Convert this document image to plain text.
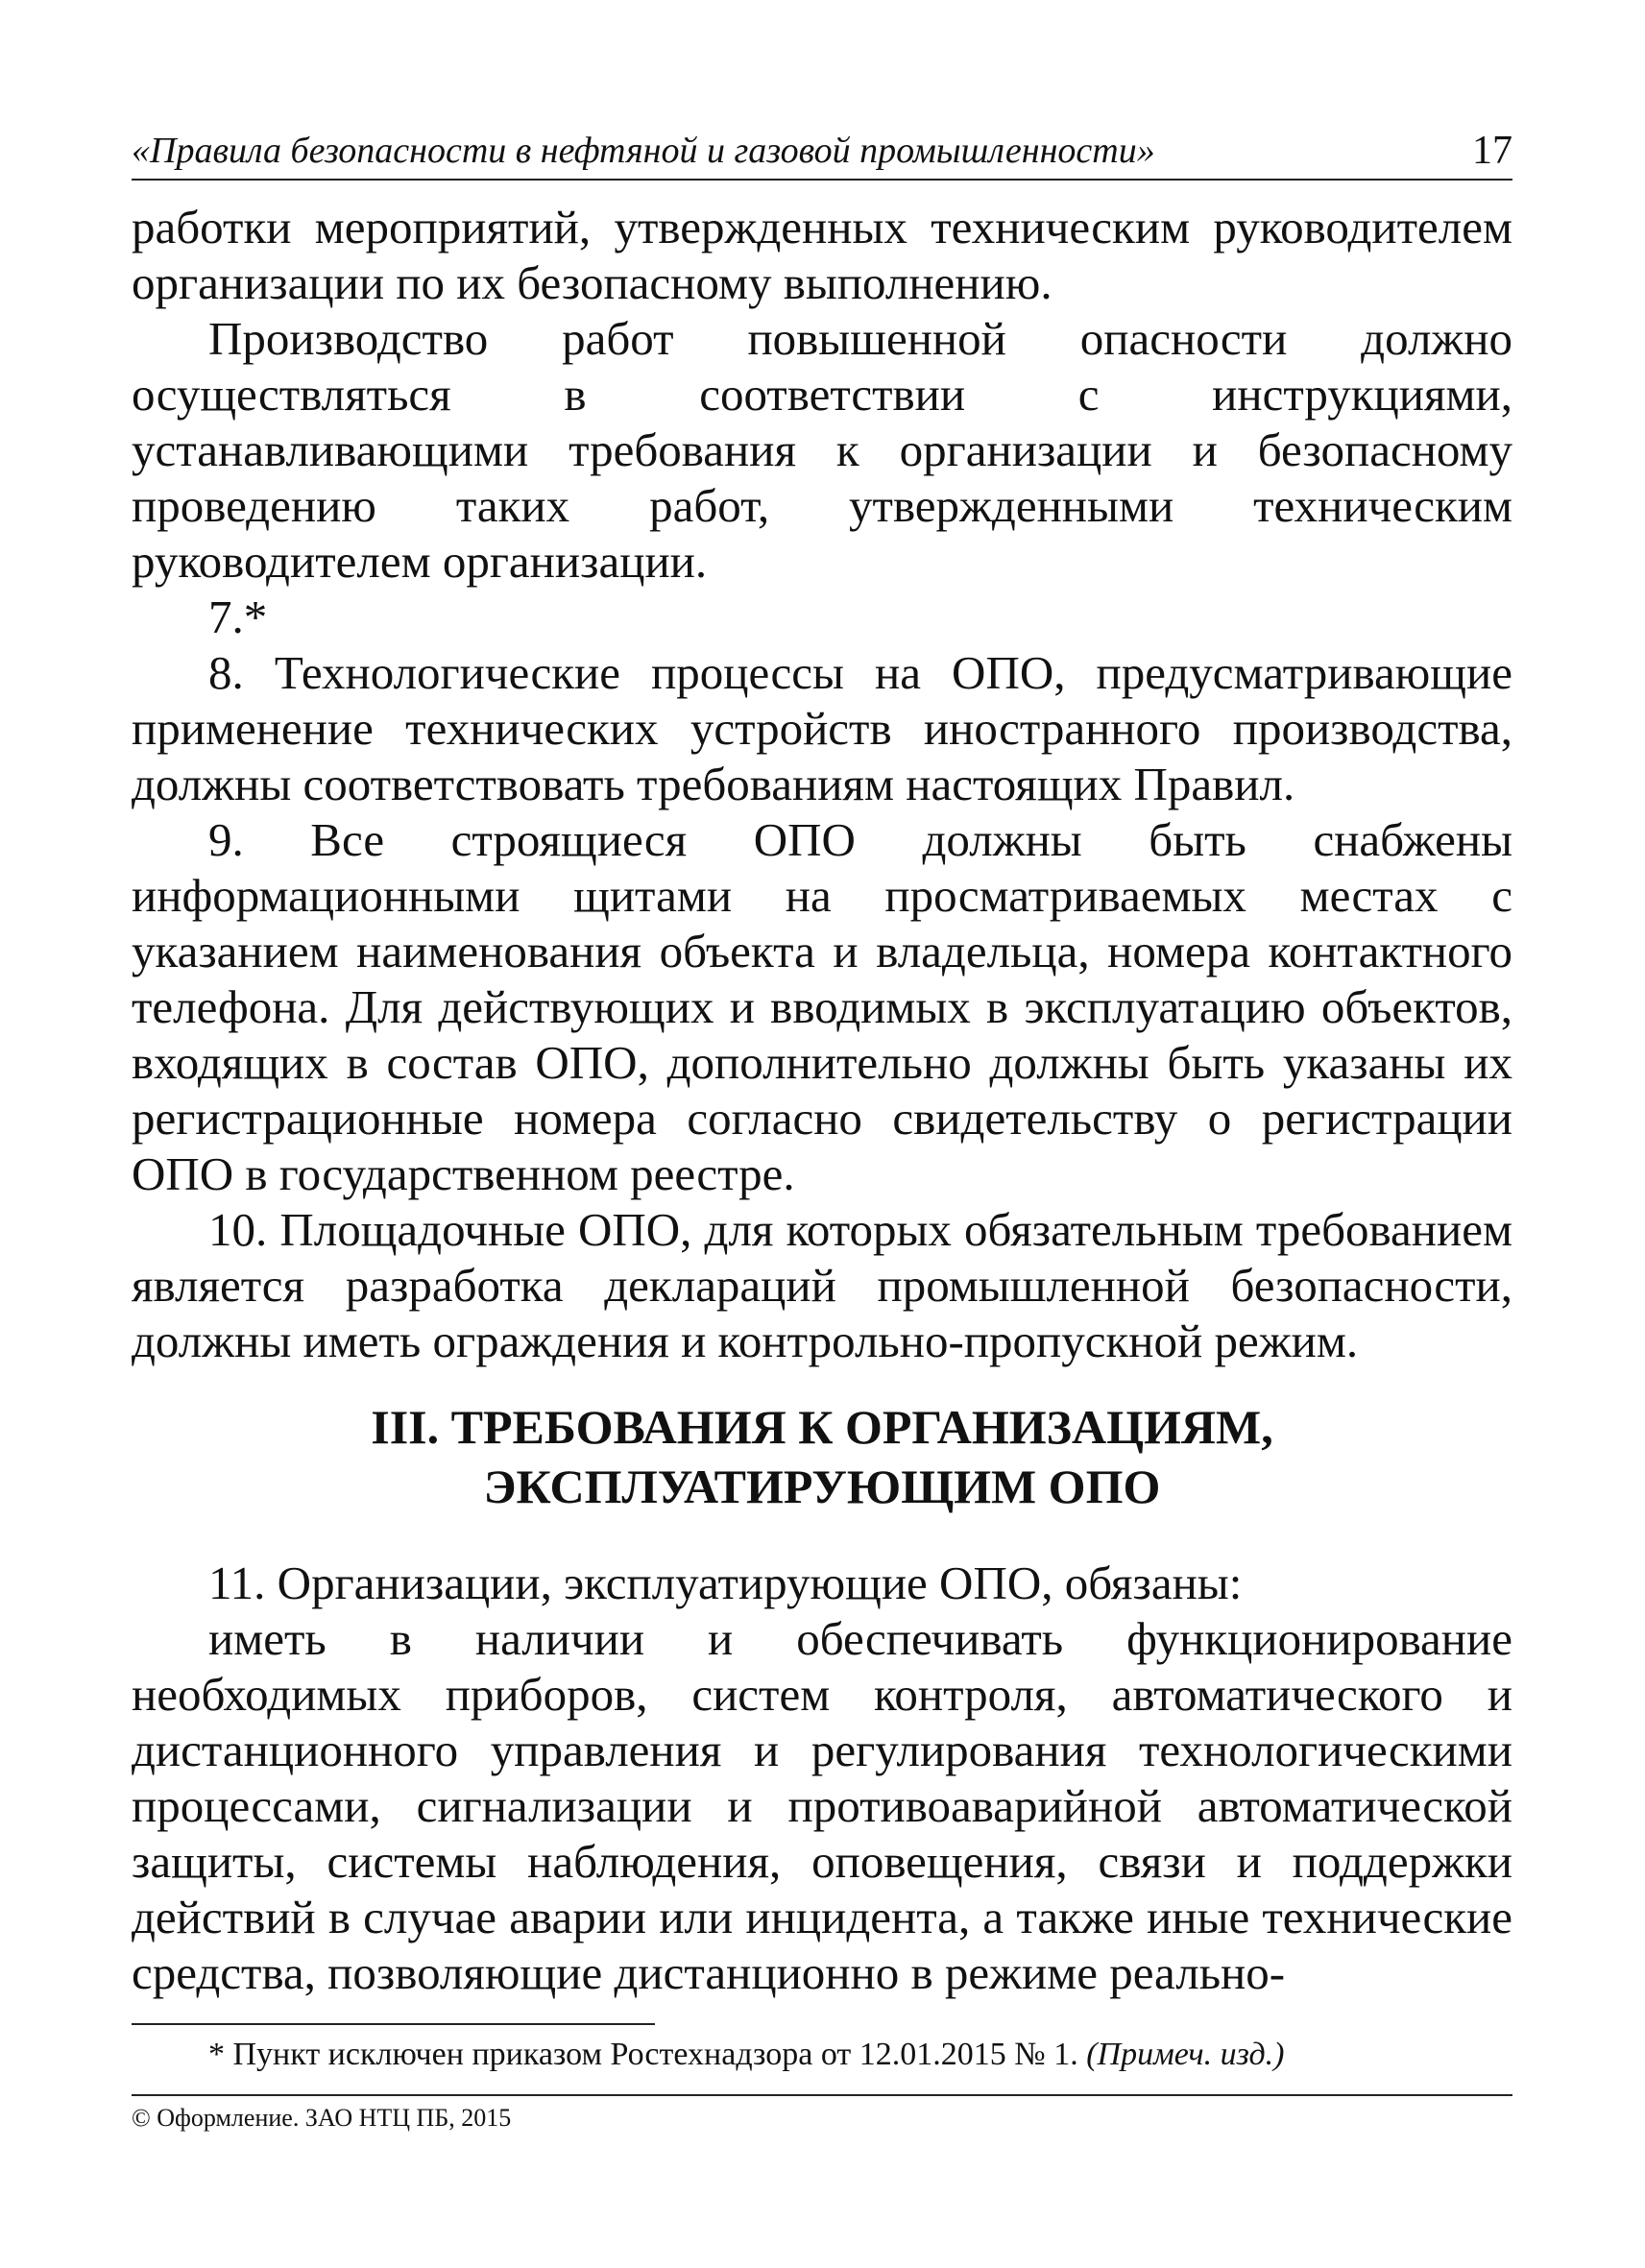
«Правила безопасности в нефтяной и газовой промышленности»	17

работки мероприятий, утвержденных техническим руководителем организации по их безопасному выполнению.

Производство работ повышенной опасности должно осуществляться в соответствии с инструкциями, устанавливающими требования к организации и безопасному проведению таких работ, утвержденными техническим руководителем организации.

7.*

8. Технологические процессы на ОПО, предусматривающие применение технических устройств иностранного производства, должны соответствовать требованиям настоящих Правил.

9. Все строящиеся ОПО должны быть снабжены информационными щитами на просматриваемых местах с указанием наименования объекта и владельца, номера контактного телефона. Для действующих и вводимых в эксплуатацию объектов, входящих в состав ОПО, дополнительно должны быть указаны их регистрационные номера согласно свидетельству о регистрации ОПО в государственном реестре.

10. Площадочные ОПО, для которых обязательным требованием является разработка деклараций промышленной безопасности, должны иметь ограждения и контрольно-пропускной режим.

III. ТРЕБОВАНИЯ К ОРГАНИЗАЦИЯМ,
ЭКСПЛУАТИРУЮЩИМ ОПО

11. Организации, эксплуатирующие ОПО, обязаны:

иметь в наличии и обеспечивать функционирование необходимых приборов, систем контроля, автоматического и дистанционного управления и регулирования технологическими процессами, сигнализации и противоаварийной автоматической защиты, системы наблюдения, оповещения, связи и поддержки действий в случае аварии или инцидента, а также иные технические средства, позволяющие дистанционно в режиме реально-

* Пункт исключен приказом Ростехнадзора от 12.01.2015 № 1. (Примеч. изд.)
© Оформление. ЗАО НТЦ ПБ, 2015
